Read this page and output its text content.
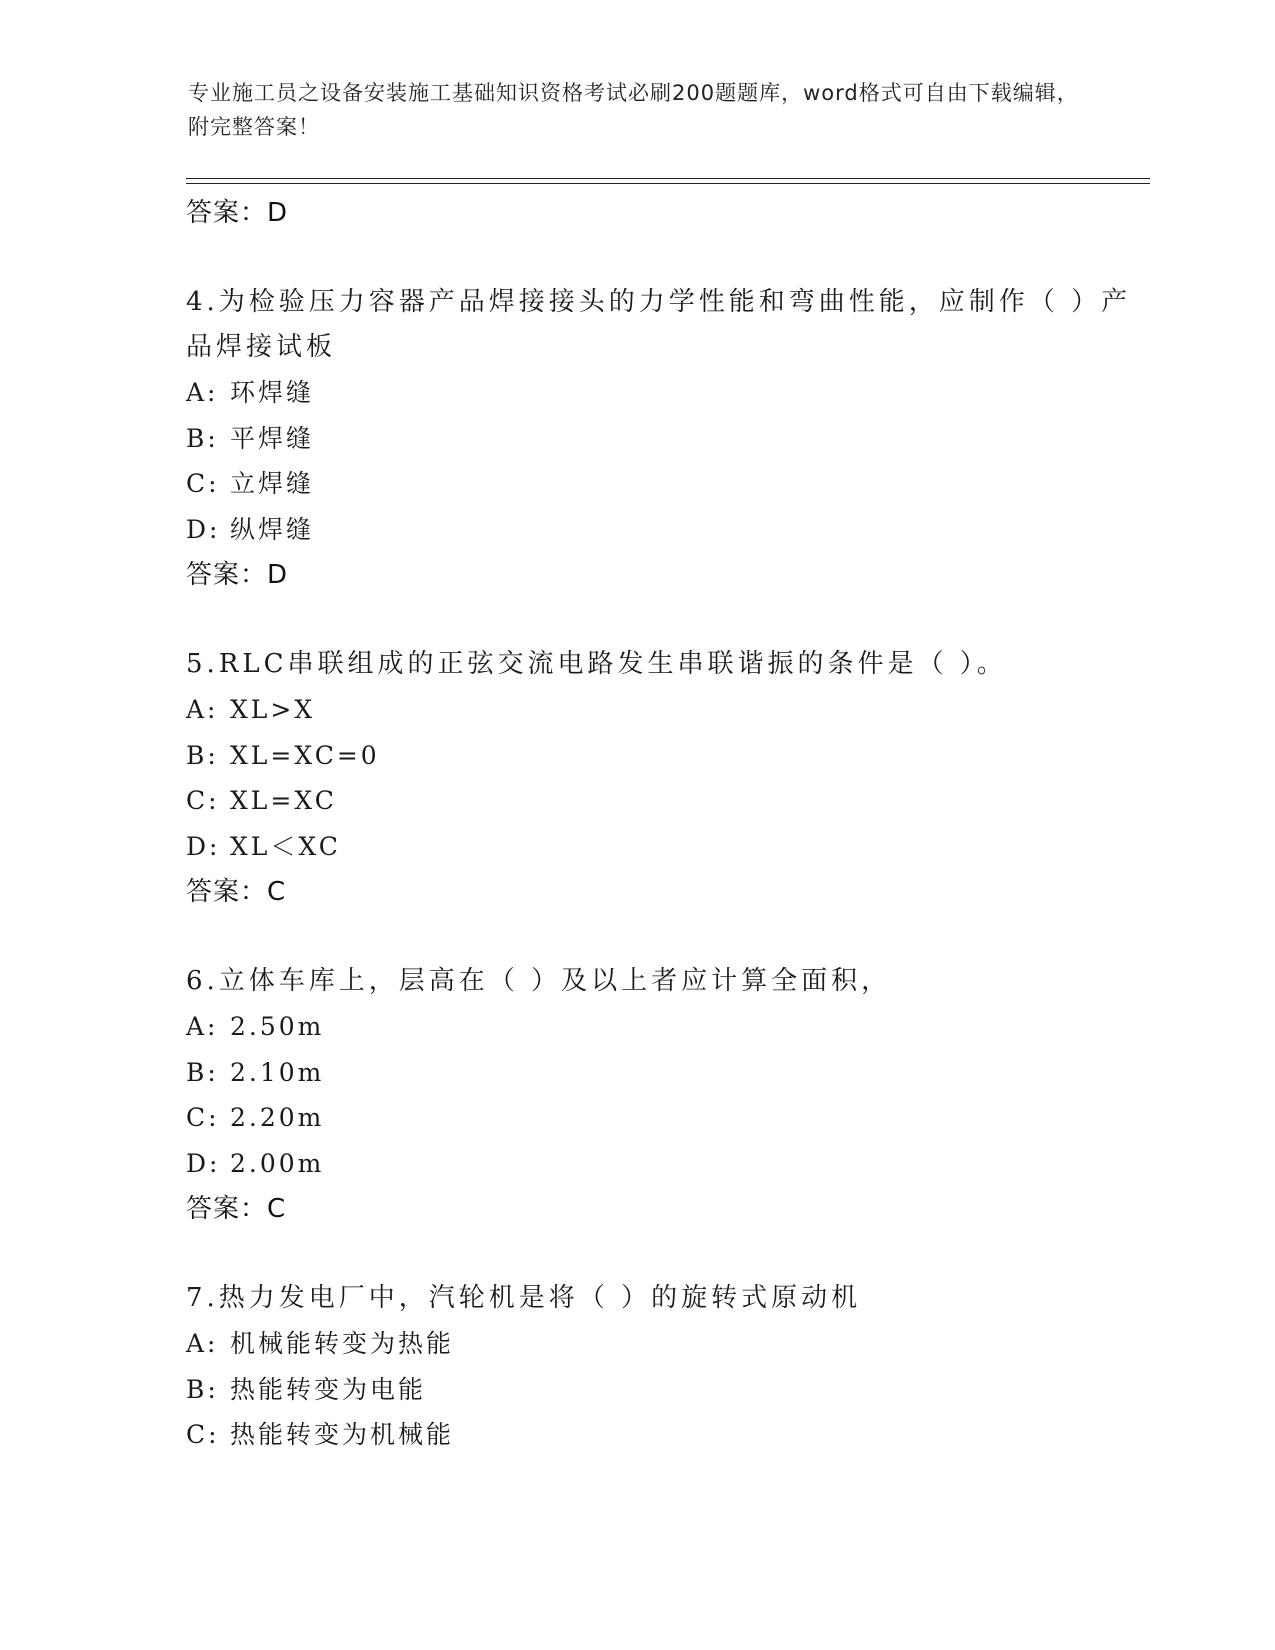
专业施工员之设备安装施工基础知识资格考试必刷200题题库，word格式可自由下载编辑，附完整答案！
答案：D
4.为检验压力容器产品焊接接头的力学性能和弯曲性能，应制作（ ）产品焊接试板
A: 环焊缝
B: 平焊缝
C: 立焊缝
D: 纵焊缝
答案：D
5.RLC串联组成的正弦交流电路发生串联谐振的条件是（ ）。
A: XL>X
B: XL=XC=0
C: XL=XC
D: XL＜XC
答案：C
6.立体车库上，层高在（ ）及以上者应计算全面积，
A: 2.50m
B: 2.10m
C: 2.20m
D: 2.00m
答案：C
7.热力发电厂中，汽轮机是将（ ）的旋转式原动机
A: 机械能转变为热能
B: 热能转变为电能
C: 热能转变为机械能
